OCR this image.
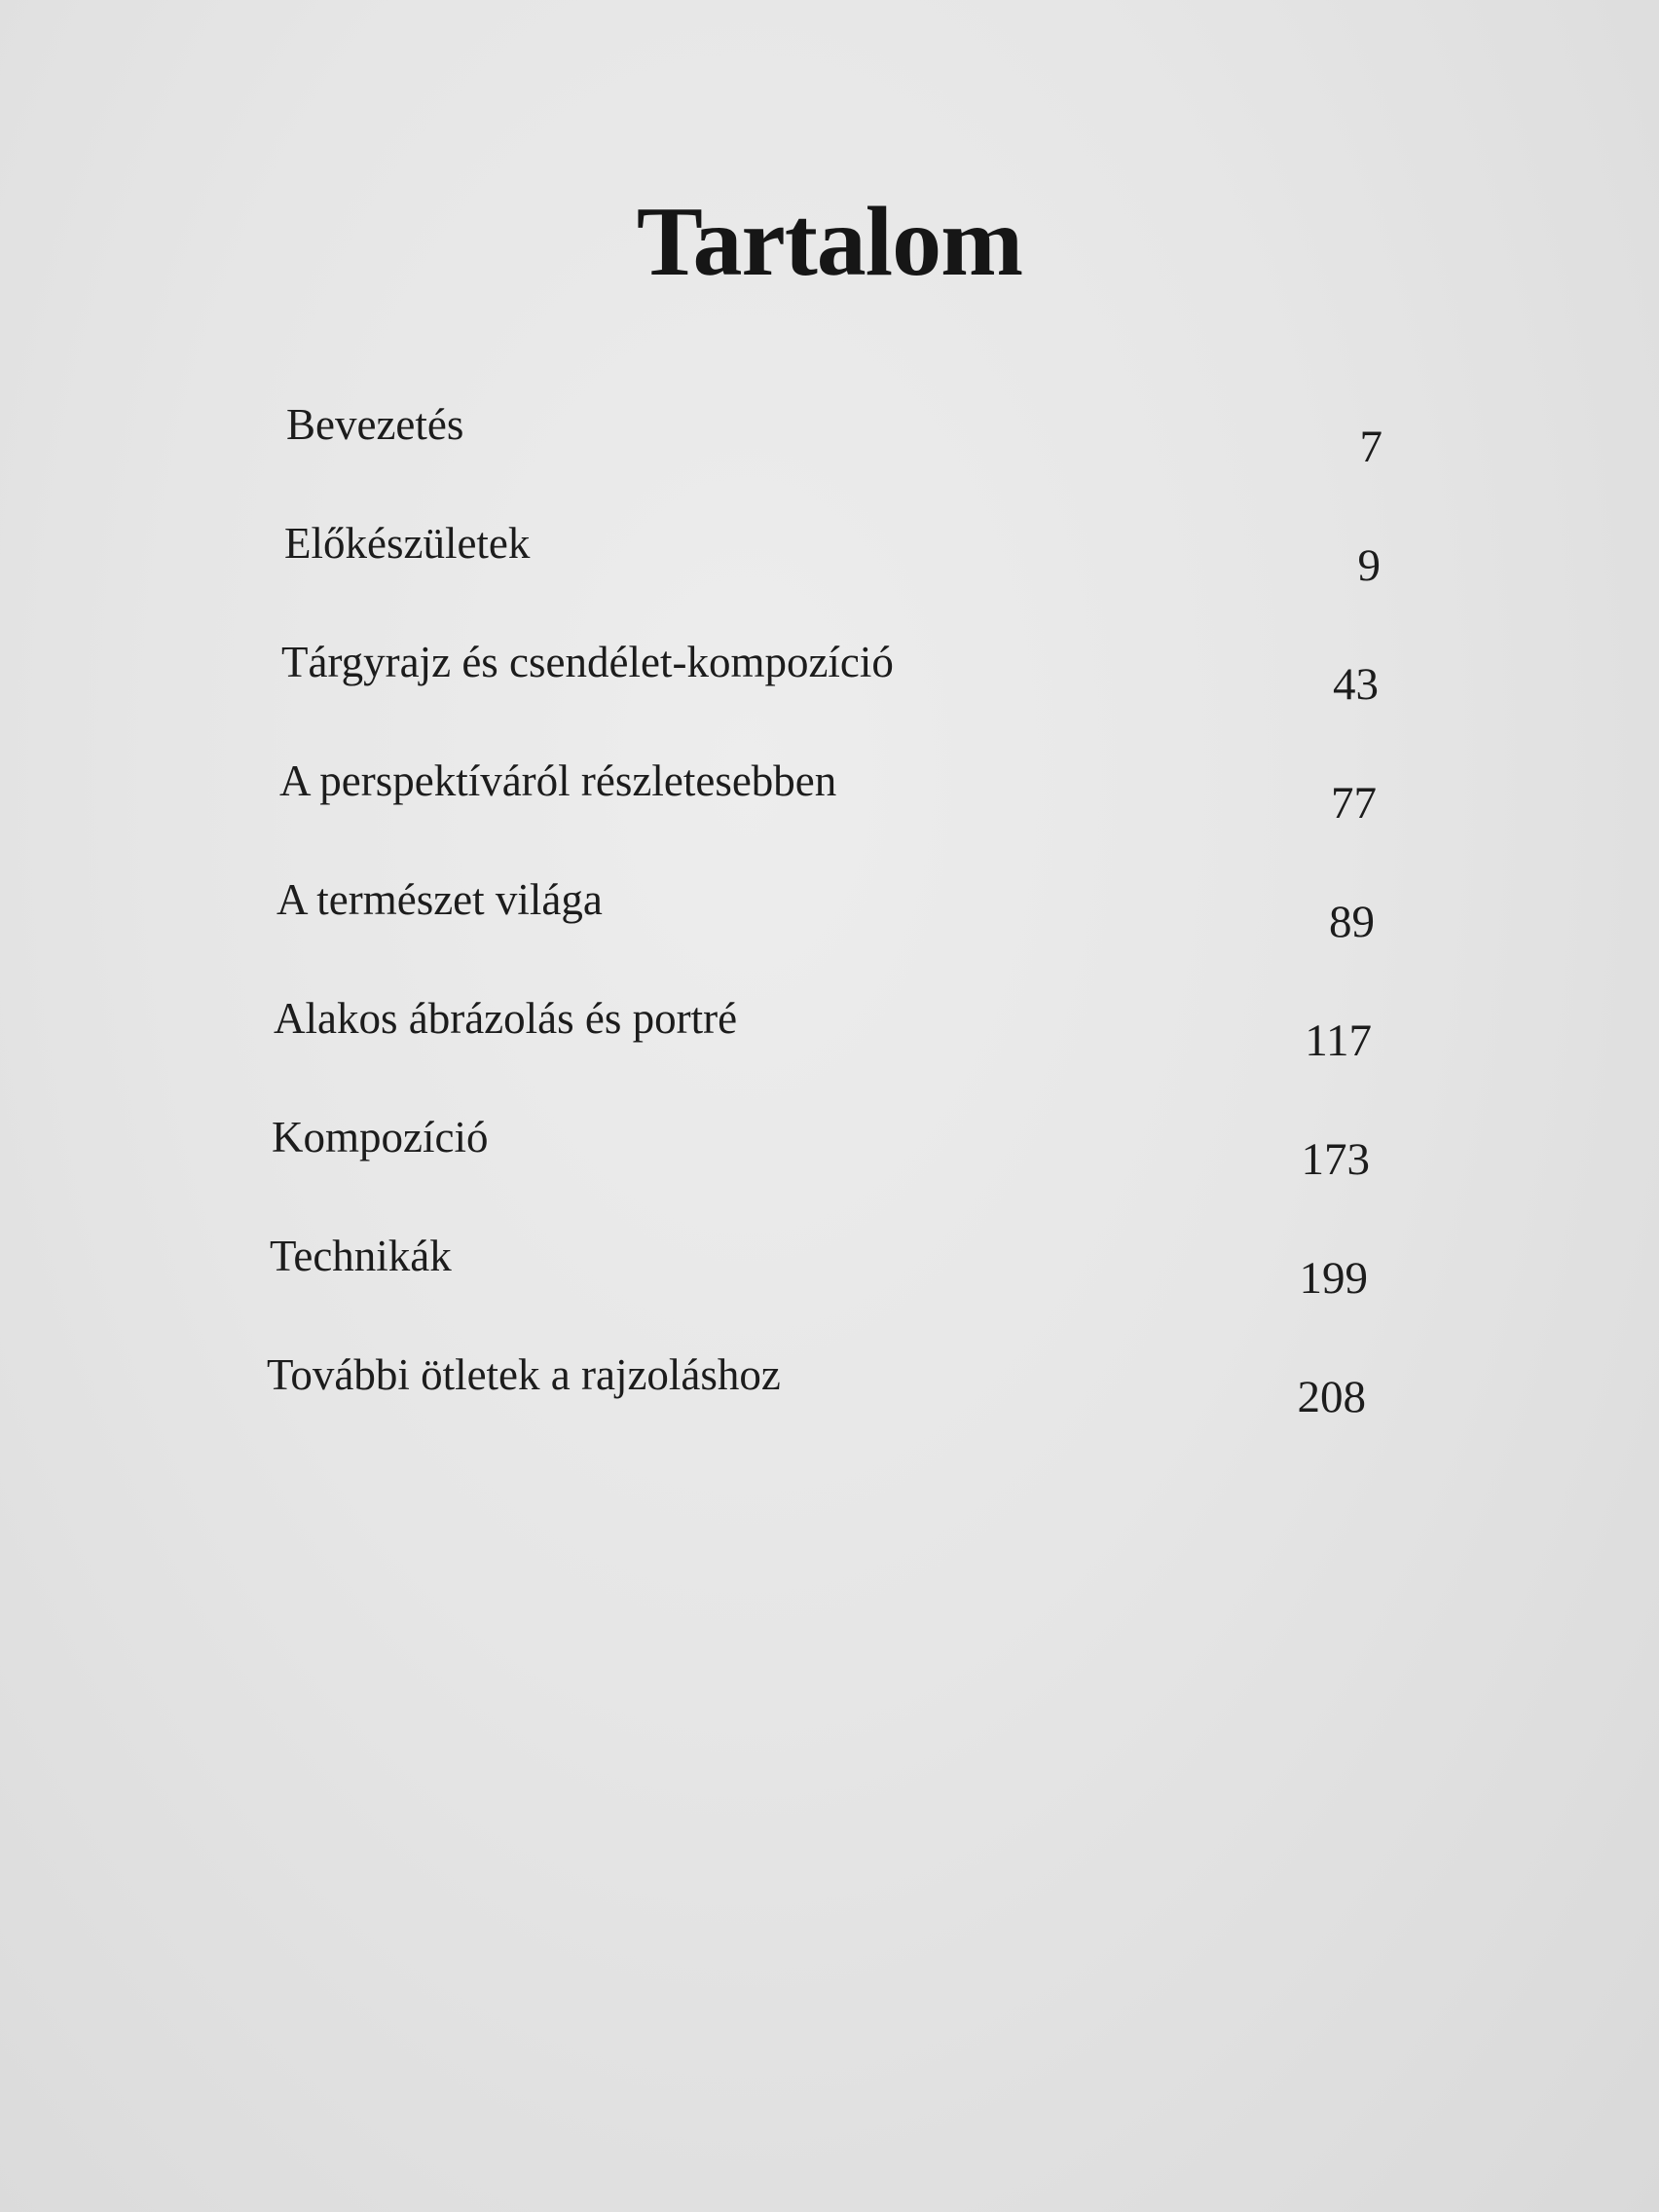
Tartalom
Bevezetés	7
Előkészületek	9
Tárgyrajz és csendélet-kompozíció	43
A perspektíváról részletesebben	77
A természet világa	89
Alakos ábrázolás és portré	117
Kompozíció	173
Technikák	199
További ötletek a rajzoláshoz	208
